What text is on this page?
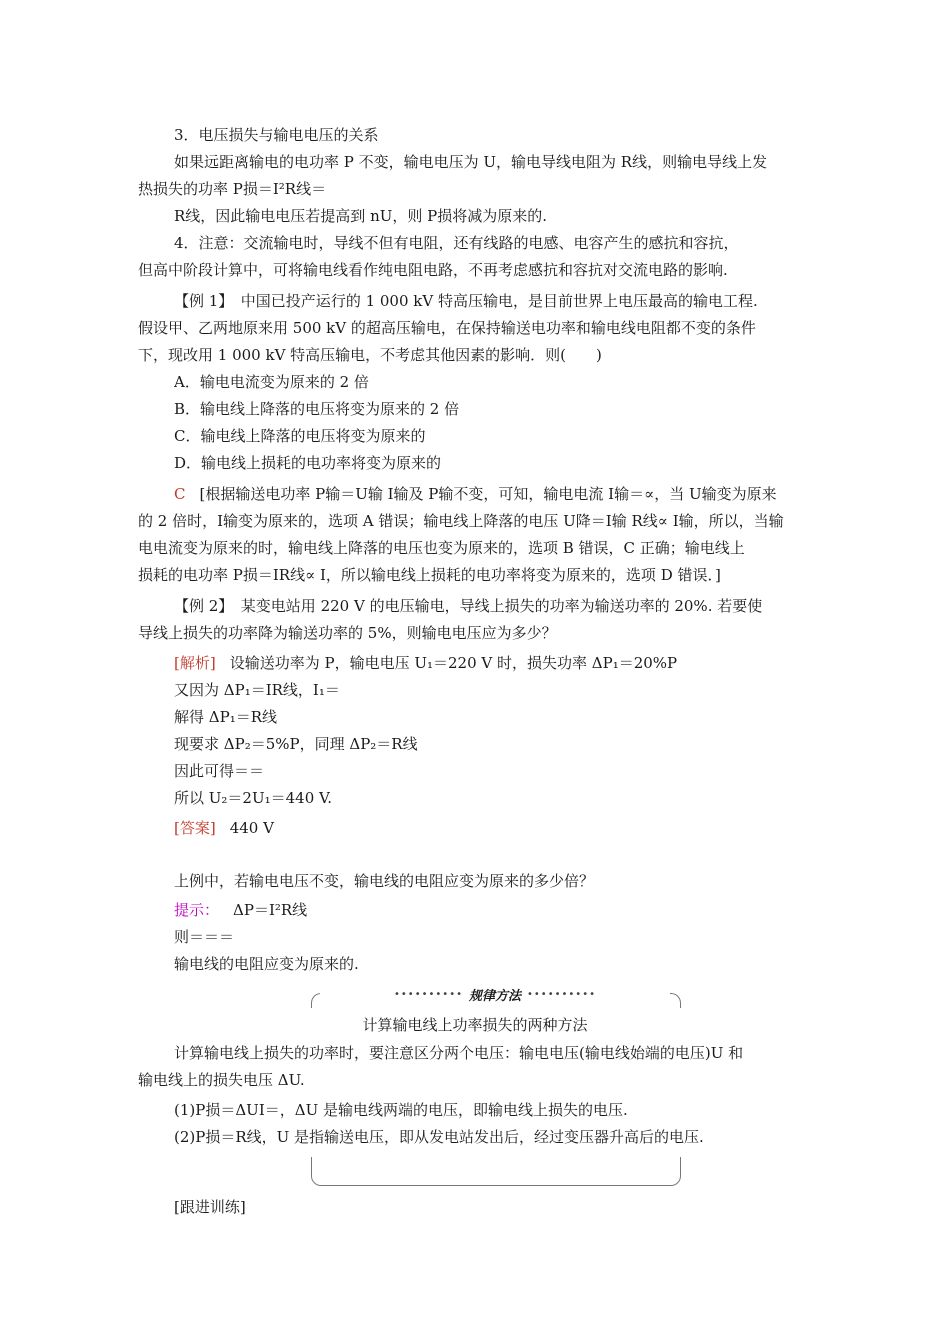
3．电压损失与输电电压的关系
如果远距离输电的电功率 P 不变，输电电压为 U，输电导线电阻为 R线，则输电导线上发
热损失的功率 P损＝I²R线＝
R线，因此输电电压若提高到 nU，则 P损将减为原来的.
4．注意：交流输电时，导线不但有电阻，还有线路的电感、电容产生的感抗和容抗，
但高中阶段计算中，可将输电线看作纯电阻电路，不再考虑感抗和容抗对交流电路的影响.
【例 1】　中国已投产运行的 1 000 kV 特高压输电，是目前世界上电压最高的输电工程.
假设甲、乙两地原来用 500 kV 的超高压输电，在保持输送电功率和输电线电阻都不变的条件
下，现改用 1 000 kV 特高压输电，不考虑其他因素的影响．则(　　)
A．输电电流变为原来的 2 倍
B．输电线上降落的电压将变为原来的 2 倍
C．输电线上降落的电压将变为原来的
D．输电线上损耗的电功率将变为原来的
C [根据输送电功率 P输＝U输 I输及 P输不变，可知，输电电流 I输＝∝，当 U输变为原来
的 2 倍时，I输变为原来的，选项 A 错误；输电线上降落的电压 U降＝I输 R线∝ I输，所以，当输
电电流变为原来的时，输电线上降落的电压也变为原来的，选项 B 错误，C 正确；输电线上
损耗的电功率 P损＝IR线∝ I，所以输电线上损耗的电功率将变为原来的，选项 D 错误．]
【例 2】　某变电站用 220 V 的电压输电，导线上损失的功率为输送功率的 20%. 若要使
导线上损失的功率降为输送功率的 5%，则输电电压应为多少？
[解析] 设输送功率为 P，输电电压 U₁＝220 V 时，损失功率 ΔP₁＝20%P
又因为 ΔP₁＝IR线，I₁＝
解得 ΔP₁＝R线
现要求 ΔP₂＝5%P，同理 ΔP₂＝R线
因此可得＝＝
所以 U₂＝2U₁＝440 V.
[答案] 440 V
上例中，若输电电压不变，输电线的电阻应变为原来的多少倍？
提示： ΔP＝I²R线
则＝＝＝
输电线的电阻应变为原来的.
计算输电线上功率损失的两种方法
计算输电线上损失的功率时，要注意区分两个电压：输电电压(输电线始端的电压)U 和
输电线上的损失电压 ΔU.
(1)P损＝ΔUI＝，ΔU 是输电线两端的电压，即输电线上损失的电压.
(2)P损＝R线，U 是指输送电压，即从发电站发出后，经过变压器升高后的电压.
[跟进训练]
•••••••••• 规律方法 ••••••••••
